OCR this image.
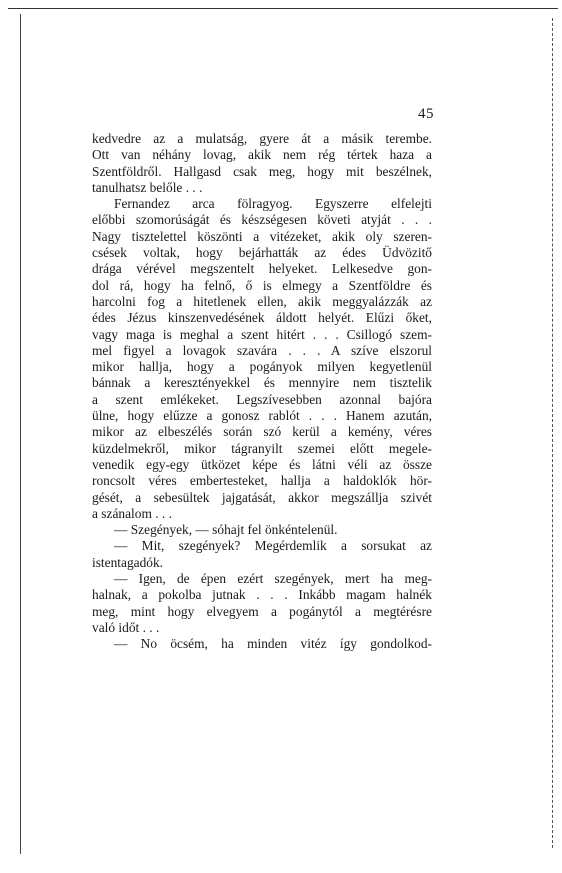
45
kedvedre az a mulatság, gyere át a másik terembe.
Ott van néhány lovag, akik nem rég tértek haza a
Szentföldről. Hallgasd csak meg, hogy mit beszélnek,
tanulhatsz belőle . . .
Fernandez arca fölragyog. Egyszerre elfelejti
előbbi szomorúságát és készségesen követi atyját . . .
Nagy tisztelettel köszönti a vitézeket, akik oly szeren-
csések voltak, hogy bejárhatták az édes Üdvözitő
drága vérével megszentelt helyeket. Lelkesedve gon-
dol rá, hogy ha felnő, ő is elmegy a Szentföldre és
harcolni fog a hitetlenek ellen, akik meggyalázzák az
édes Jézus kinszenvedésének áldott helyét. Elűzi őket,
vagy maga is meghal a szent hitért . . . Csillogó szem-
mel figyel a lovagok szavára . . . A szíve elszorul
mikor hallja, hogy a pogányok milyen kegyetlenül
bánnak a keresztényekkel és mennyire nem tisztelik
a szent emlékeket. Legszívesebben azonnal bajóra
ülne, hogy elűzze a gonosz rablót . . . Hanem azután,
mikor az elbeszélés során szó kerül a kemény, véres
küzdelmekről, mikor tágranyilt szemei előtt megele-
venedik egy-egy ütközet képe és látni véli az össze
roncsolt véres embertesteket, hallja a haldoklók hör-
gését, a sebesültek jajgatását, akkor megszállja szivét
a szánalom . . .
— Szegények, — sóhajt fel önkéntelenül.
— Mit, szegények? Megérdemlik a sorsukat az
istentagadók.
— Igen, de épen ezért szegények, mert ha meg-
halnak, a pokolba jutnak . . . Inkább magam halnék
meg, mint hogy elvegyem a pogánytól a megtérésre
való időt . . .
— No öcsém, ha minden vitéz így gondolkod-
